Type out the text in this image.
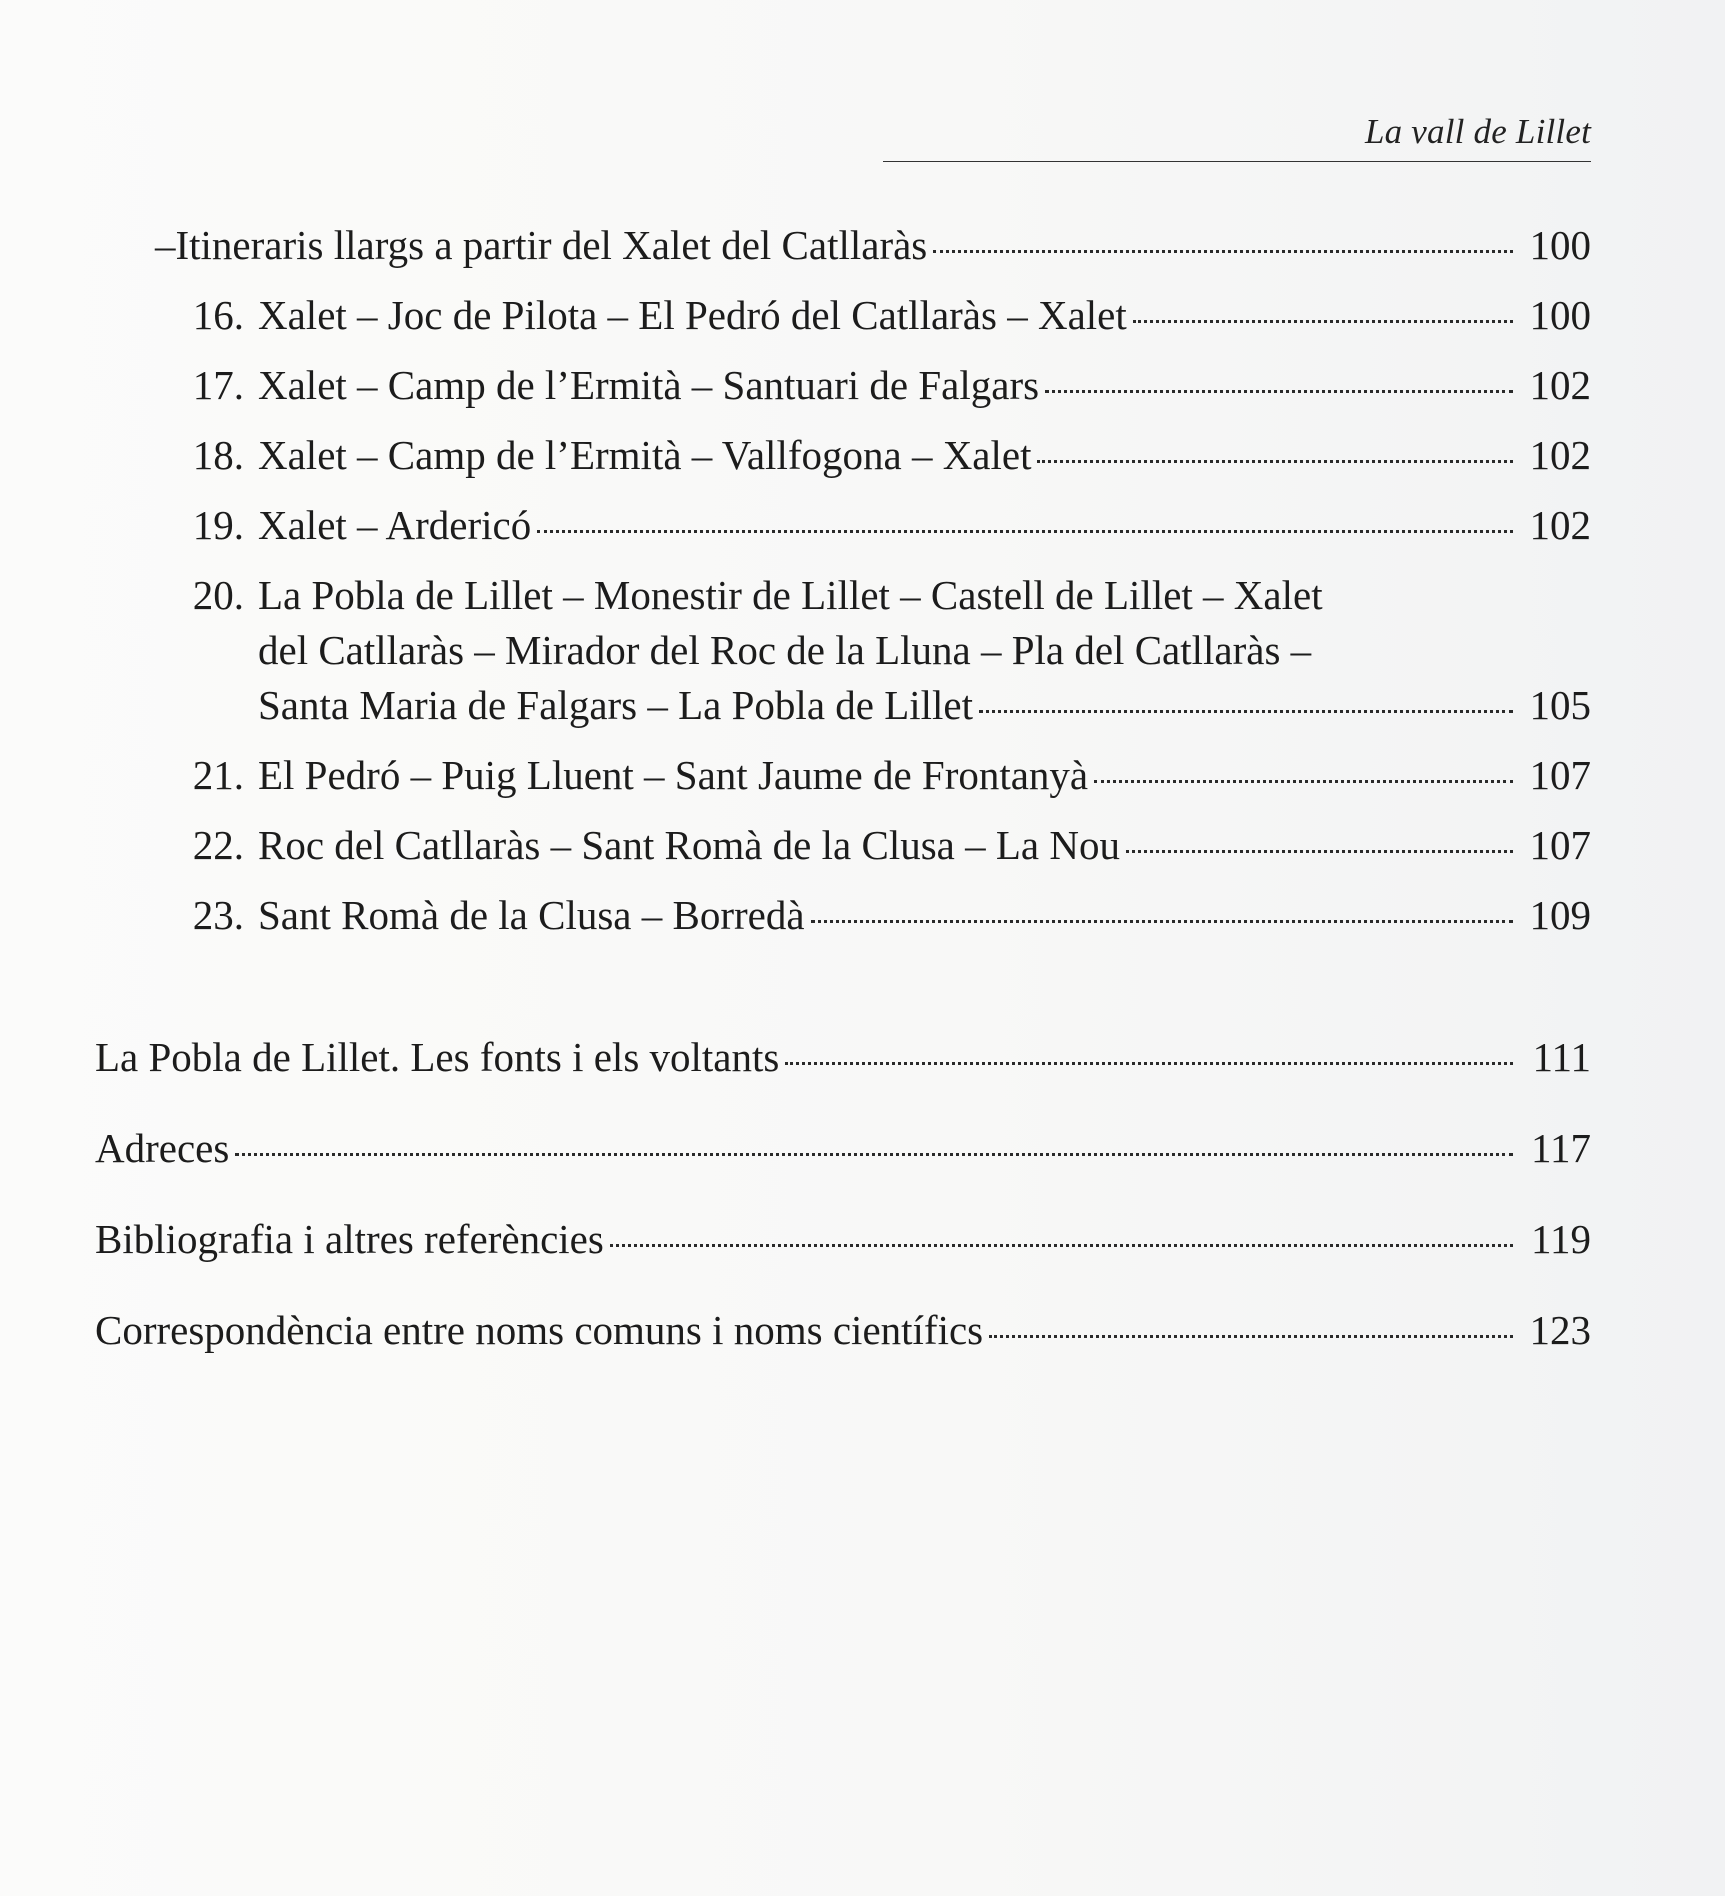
La vall de Lillet
–Itineraris llargs a partir del Xalet del Catllaràs	100
16. Xalet – Joc de Pilota – El Pedró del Catllaràs – Xalet	100
17. Xalet – Camp de l’Ermità – Santuari de Falgars	102
18. Xalet – Camp de l’Ermità – Vallfogona – Xalet	102
19. Xalet – Ardericó	102
20. La Pobla de Lillet – Monestir de Lillet – Castell de Lillet – Xalet
del Catllaràs – Mirador del Roc de la Lluna – Pla del Catllaràs –
Santa Maria de Falgars – La Pobla de Lillet	105
21. El Pedró – Puig Lluent – Sant Jaume de Frontanyà	107
22. Roc del Catllaràs – Sant Romà de la Clusa – La Nou	107
23. Sant Romà de la Clusa – Borredà	109
La Pobla de Lillet. Les fonts i els voltants	111
Adreces	117
Bibliografia i altres referències	119
Correspondència entre noms comuns i noms científics	123
